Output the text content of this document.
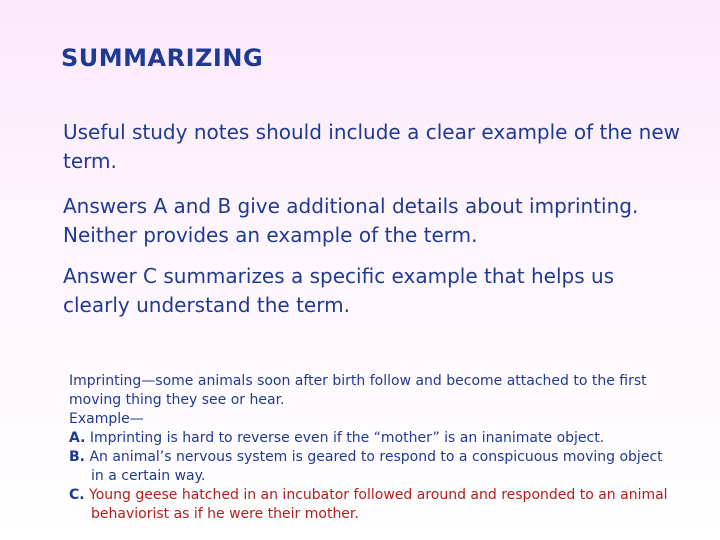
SUMMARIZING

Useful study notes should include a clear example of the new term.

Answers A and B give additional details about imprinting. Neither provides an example of the term.

Answer C summarizes a specific example that helps us clearly understand the term.

Imprinting—some animals soon after birth follow and become attached to the first moving thing they see or hear.

Example—

A. Imprinting is hard to reverse even if the “mother” is an inanimate object.

B. An animal’s nervous system is geared to respond to a conspicuous moving object in a certain way.

C. Young geese hatched in an incubator followed around and responded to an animal behaviorist as if he were their mother.
